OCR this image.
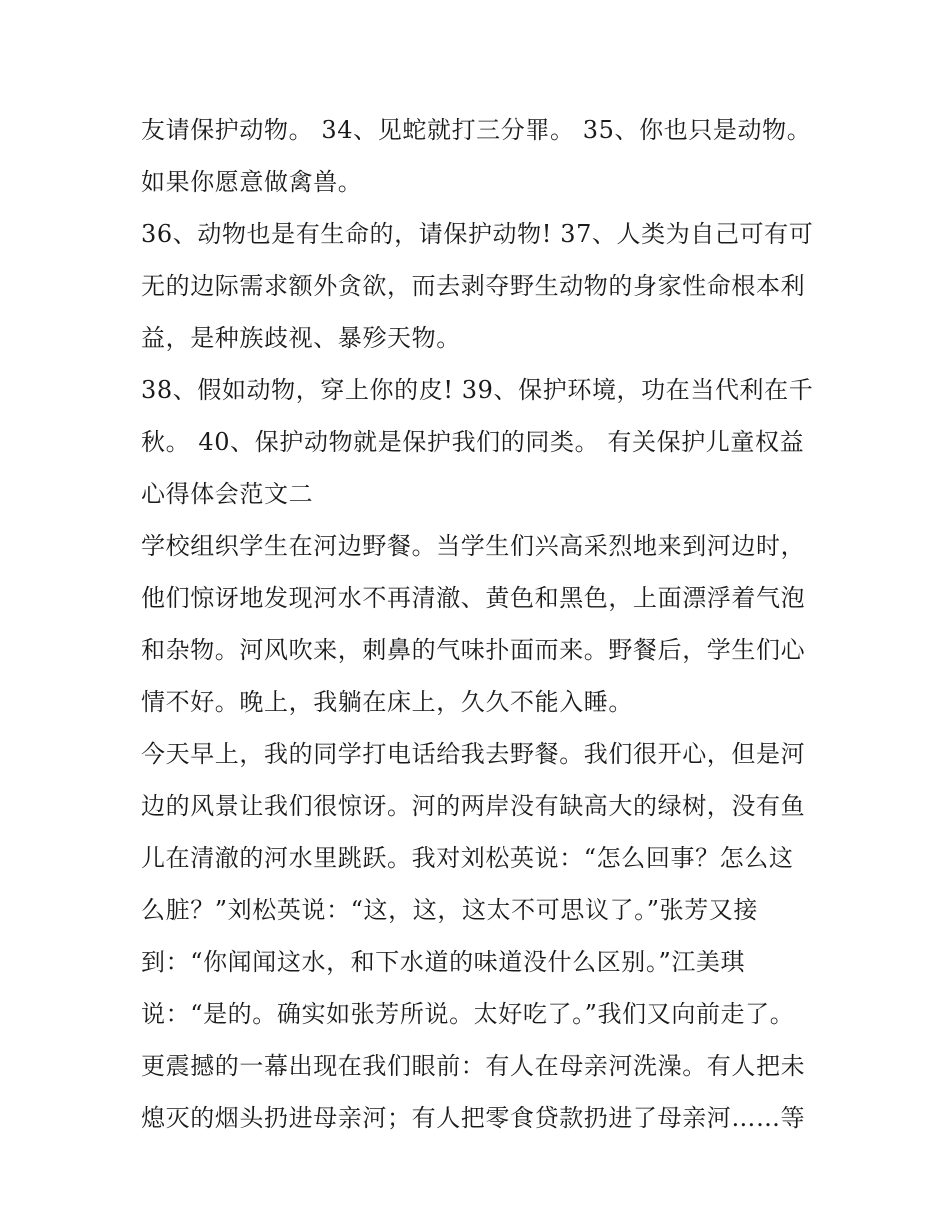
友请保护动物。 34、见蛇就打三分罪。 35、你也只是动物。
如果你愿意做禽兽。
36、动物也是有生命的，请保护动物! 37、人类为自己可有可
无的边际需求额外贪欲，而去剥夺野生动物的身家性命根本利
益，是种族歧视、暴殄天物。
38、假如动物，穿上你的皮! 39、保护环境，功在当代利在千
秋。 40、保护动物就是保护我们的同类。 有关保护儿童权益
心得体会范文二
学校组织学生在河边野餐。当学生们兴高采烈地来到河边时，
他们惊讶地发现河水不再清澈、黄色和黑色，上面漂浮着气泡
和杂物。河风吹来，刺鼻的气味扑面而来。野餐后，学生们心
情不好。晚上，我躺在床上，久久不能入睡。
今天早上，我的同学打电话给我去野餐。我们很开心，但是河
边的风景让我们很惊讶。河的两岸没有缺高大的绿树，没有鱼
儿在清澈的河水里跳跃。我对刘松英说：“怎么回事？怎么这
么脏？”刘松英说：“这，这，这太不可思议了。”张芳又接
到：“你闻闻这水，和下水道的味道没什么区别。”江美琪
说：“是的。确实如张芳所说。太好吃了。”我们又向前走了。
更震撼的一幕出现在我们眼前：有人在母亲河洗澡。有人把未
熄灭的烟头扔进母亲河；有人把零食贷款扔进了母亲河……等
